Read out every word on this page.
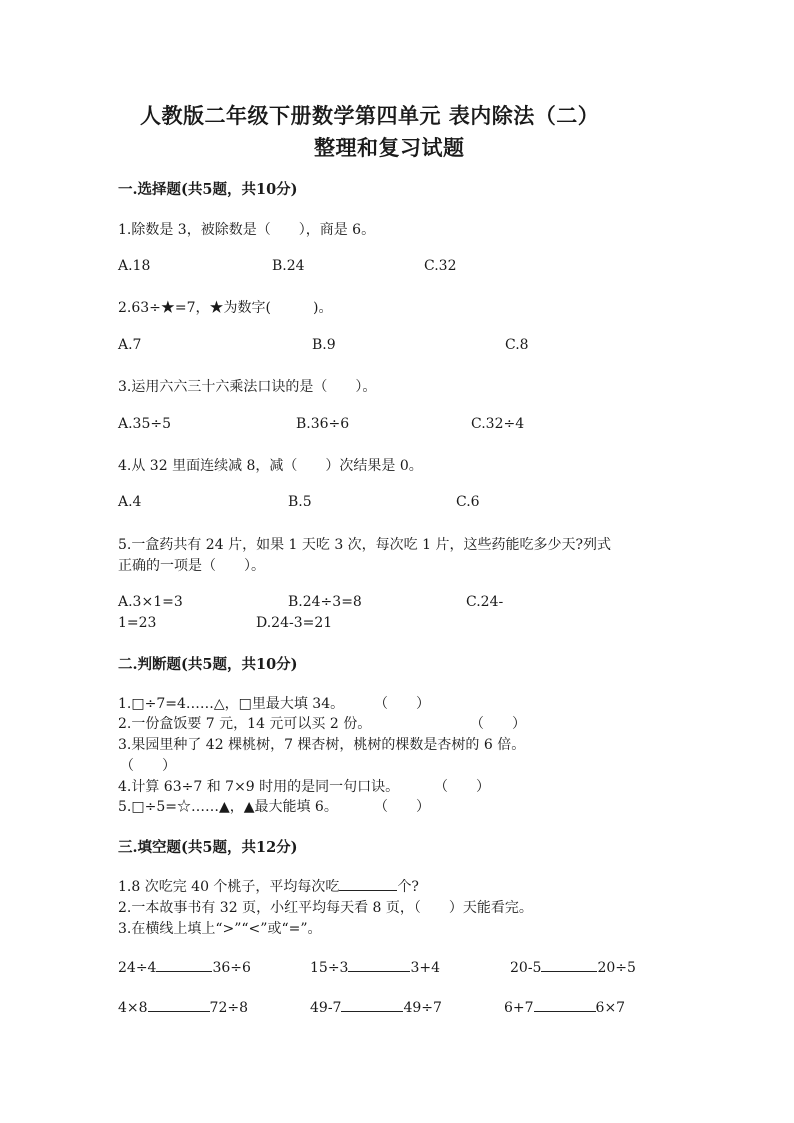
人教版二年级下册数学第四单元 表内除法（二）
整理和复习试题
一.选择题(共5题，共10分)
1.除数是 3，被除数是（　　），商是 6。
A.18	B.24	C.32
2.63÷★=7，★为数字(　　　)。
A.7	B.9	C.8
3.运用六六三十六乘法口诀的是（　　）。
A.35÷5	B.36÷6	C.32÷4
4.从 32 里面连续减 8，减（　　）次结果是 0。
A.4	B.5	C.6
5.一盒药共有 24 片，如果 1 天吃 3 次，每次吃 1 片，这些药能吃多少天?列式
正确的一项是（　　）。
A.3×1=3	B.24÷3=8	C.24-
1=23	D.24-3=21
二.判断题(共5题，共10分)
1.□÷7=4……△，□里最大填 34。 （　　）
2.一份盒饭要 7 元，14 元可以买 2 份。	（　　）
3.果园里种了 42 棵桃树，7 棵杏树，桃树的棵数是杏树的 6 倍。
（　　）
4.计算 63÷7 和 7×9 时用的是同一句口诀。 （　　）
5.□÷5=☆……▲，▲最大能填 6。	（　　）
三.填空题(共5题，共12分)
1.8 次吃完 40 个桃子，平均每次吃	个?
2.一本故事书有 32 页，小红平均每天看 8 页，（　　）天能看完。
3.在横线上填上“>”“<”或“=”。
24÷4	36÷6	15÷3	3+4	20-5	20÷5
4×8	72÷8	49-7	49÷7	6+7	6×7
